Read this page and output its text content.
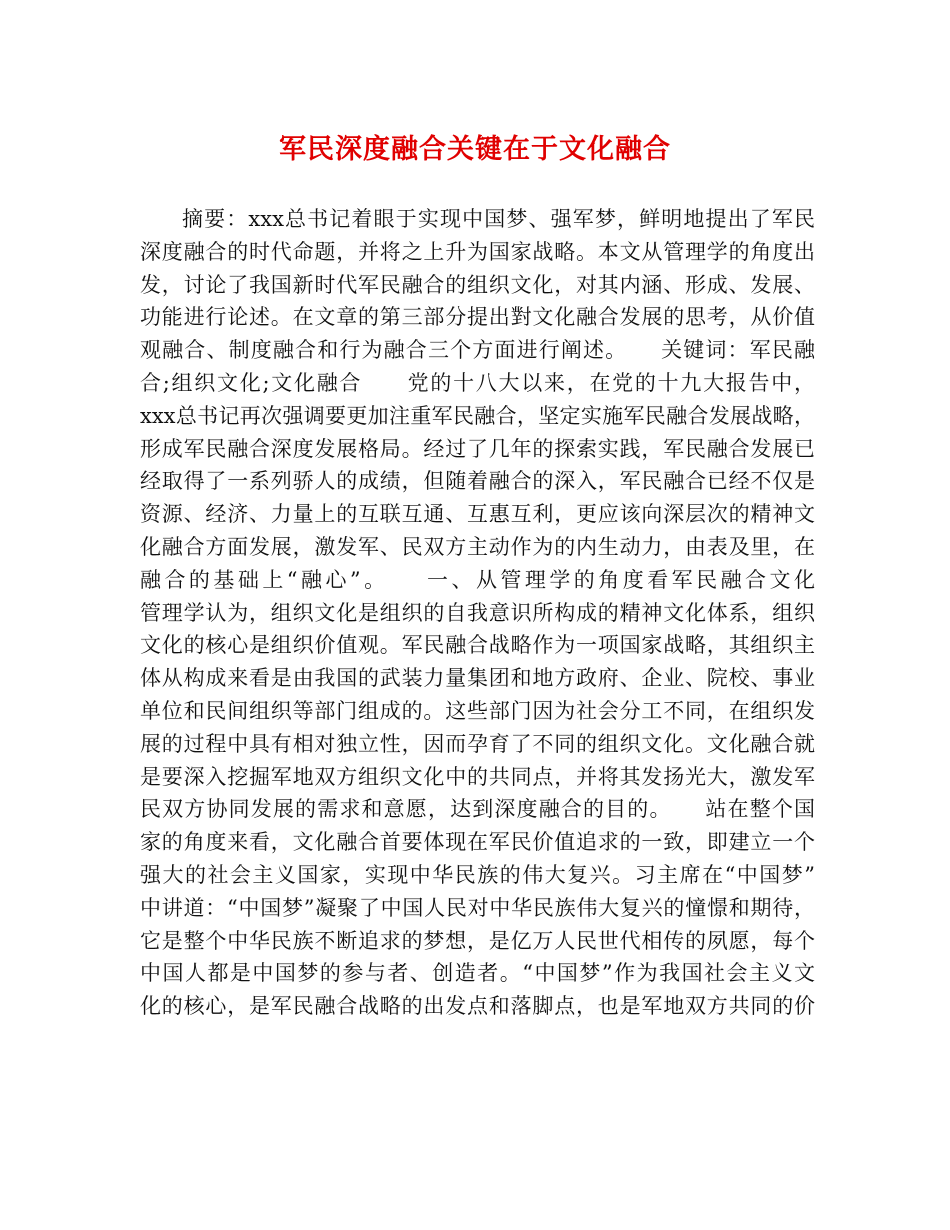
军民深度融合关键在于文化融合
摘要：xxx总书记着眼于实现中国梦、强军梦，鲜明地提出了军民
深度融合的时代命题，并将之上升为国家战略。本文从管理学的角度出
发，讨论了我国新时代军民融合的组织文化，对其内涵、形成、发展、
功能进行论述。在文章的第三部分提出對文化融合发展的思考，从价值
观融合、制度融合和行为融合三个方面进行阐述。　　关键词：军民融
合;组织文化;文化融合　　党的十八大以来，在党的十九大报告中，
xxx总书记再次强调要更加注重军民融合，坚定实施军民融合发展战略，
形成军民融合深度发展格局。经过了几年的探索实践，军民融合发展已
经取得了一系列骄人的成绩，但随着融合的深入，军民融合已经不仅是
资源、经济、力量上的互联互通、互惠互利，更应该向深层次的精神文
化融合方面发展，激发军、民双方主动作为的内生动力，由表及里，在
融合的基础上“融心”。　　一、从管理学的角度看军民融合文化
管理学认为，组织文化是组织的自我意识所构成的精神文化体系，组织
文化的核心是组织价值观。军民融合战略作为一项国家战略，其组织主
体从构成来看是由我国的武装力量集团和地方政府、企业、院校、事业
单位和民间组织等部门组成的。这些部门因为社会分工不同，在组织发
展的过程中具有相对独立性，因而孕育了不同的组织文化。文化融合就
是要深入挖掘军地双方组织文化中的共同点，并将其发扬光大，激发军
民双方协同发展的需求和意愿，达到深度融合的目的。　　站在整个国
家的角度来看，文化融合首要体现在军民价值追求的一致，即建立一个
强大的社会主义国家，实现中华民族的伟大复兴。习主席在“中国梦”
中讲道：“中国梦”凝聚了中国人民对中华民族伟大复兴的憧憬和期待，
它是整个中华民族不断追求的梦想，是亿万人民世代相传的夙愿，每个
中国人都是中国梦的参与者、创造者。“中国梦”作为我国社会主义文
化的核心，是军民融合战略的出发点和落脚点，也是军地双方共同的价
